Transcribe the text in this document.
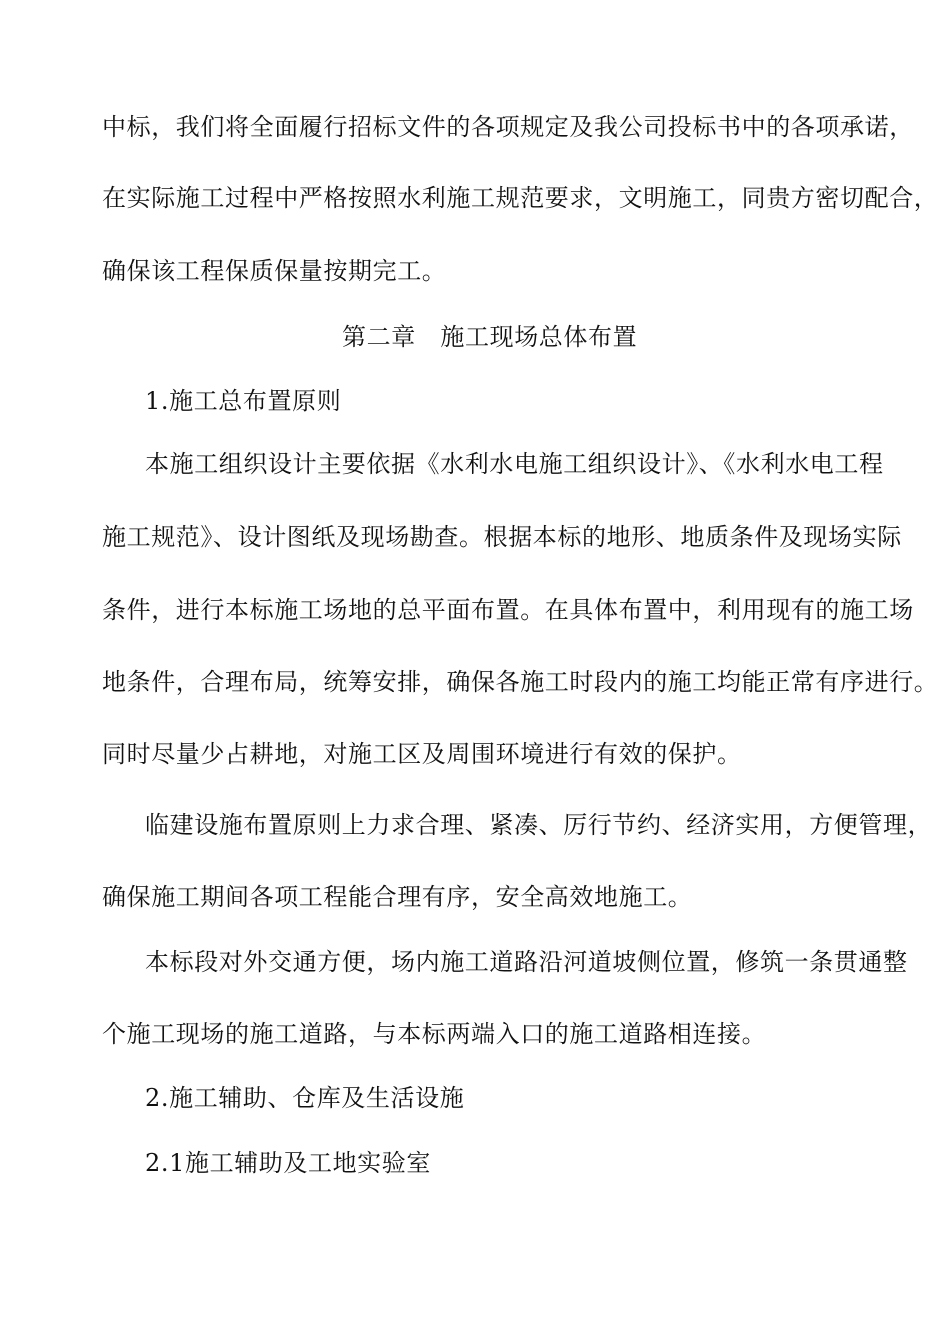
中标，我们将全面履行招标文件的各项规定及我公司投标书中的各项承诺，
在实际施工过程中严格按照水利施工规范要求，文明施工，同贵方密切配合，
确保该工程保质保量按期完工。
第二章　施工现场总体布置
1.施工总布置原则
本施工组织设计主要依据《水利水电施工组织设计》、《水利水电工程
施工规范》、设计图纸及现场勘查。根据本标的地形、地质条件及现场实际
条件，进行本标施工场地的总平面布置。在具体布置中，利用现有的施工场
地条件，合理布局，统筹安排，确保各施工时段内的施工均能正常有序进行。
同时尽量少占耕地，对施工区及周围环境进行有效的保护。
临建设施布置原则上力求合理、紧凑、厉行节约、经济实用，方便管理，
确保施工期间各项工程能合理有序，安全高效地施工。
本标段对外交通方便，场内施工道路沿河道坡侧位置，修筑一条贯通整
个施工现场的施工道路，与本标两端入口的施工道路相连接。
2.施工辅助、仓库及生活设施
2.1施工辅助及工地实验室
